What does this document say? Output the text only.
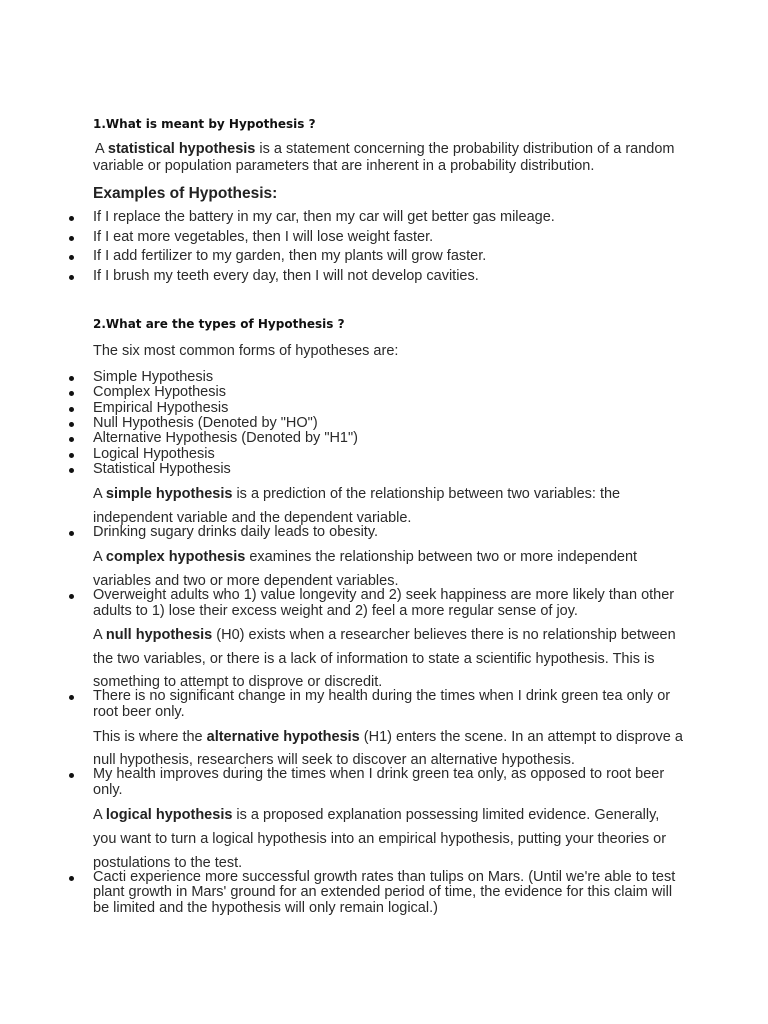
1.What is meant by Hypothesis ?
A statistical hypothesis is a statement concerning the probability distribution of a random
variable or population parameters that are inherent in a probability distribution.
Examples of Hypothesis:
If I replace the battery in my car, then my car will get better gas mileage.
If I eat more vegetables, then I will lose weight faster.
If I add fertilizer to my garden, then my plants will grow faster.
If I brush my teeth every day, then I will not develop cavities.
2.What are the types of Hypothesis ?
The six most common forms of hypotheses are:
Simple Hypothesis
Complex Hypothesis
Empirical Hypothesis
Null Hypothesis (Denoted by "HO")
Alternative Hypothesis (Denoted by "H1")
Logical Hypothesis
Statistical Hypothesis
A simple hypothesis is a prediction of the relationship between two variables: the
independent variable and the dependent variable.
Drinking sugary drinks daily leads to obesity.
A complex hypothesis examines the relationship between two or more independent
variables and two or more dependent variables.
Overweight adults who 1) value longevity and 2) seek happiness are more likely than other
adults to 1) lose their excess weight and 2) feel a more regular sense of joy.
A null hypothesis (H0) exists when a researcher believes there is no relationship between
the two variables, or there is a lack of information to state a scientific hypothesis. This is
something to attempt to disprove or discredit.
There is no significant change in my health during the times when I drink green tea only or
root beer only.
This is where the alternative hypothesis (H1) enters the scene. In an attempt to disprove a
null hypothesis, researchers will seek to discover an alternative hypothesis.
My health improves during the times when I drink green tea only, as opposed to root beer
only.
A logical hypothesis is a proposed explanation possessing limited evidence. Generally,
you want to turn a logical hypothesis into an empirical hypothesis, putting your theories or
postulations to the test.
Cacti experience more successful growth rates than tulips on Mars. (Until we're able to test
plant growth in Mars' ground for an extended period of time, the evidence for this claim will
be limited and the hypothesis will only remain logical.)
